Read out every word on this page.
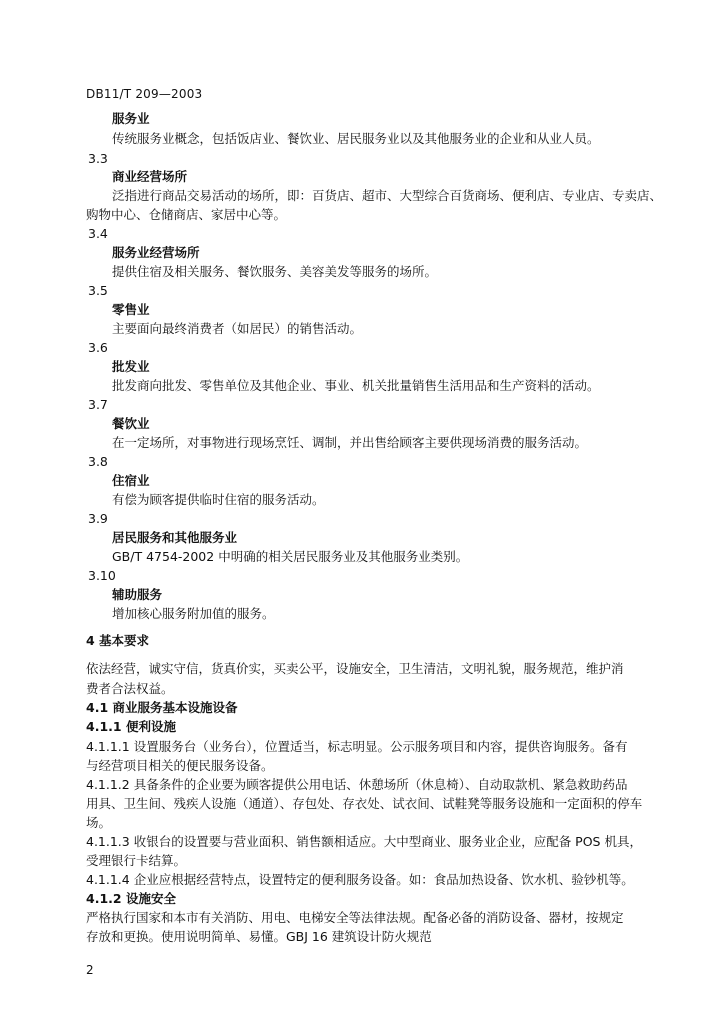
DB11/T 209—2003
服务业
传统服务业概念，包括饭店业、餐饮业、居民服务业以及其他服务业的企业和从业人员。
3.3
商业经营场所
泛指进行商品交易活动的场所，即：百货店、超市、大型综合百货商场、便利店、专业店、专卖店、
购物中心、仓储商店、家居中心等。
3.4
服务业经营场所
提供住宿及相关服务、餐饮服务、美容美发等服务的场所。
3.5
零售业
主要面向最终消费者（如居民）的销售活动。
3.6
批发业
批发商向批发、零售单位及其他企业、事业、机关批量销售生活用品和生产资料的活动。
3.7
餐饮业
在一定场所，对事物进行现场烹饪、调制，并出售给顾客主要供现场消费的服务活动。
3.8
住宿业
有偿为顾客提供临时住宿的服务活动。
3.9
居民服务和其他服务业
GB/T 4754-2002 中明确的相关居民服务业及其他服务业类别。
3.10
辅助服务
增加核心服务附加值的服务。
4 基本要求
依法经营，诚实守信，货真价实，买卖公平，设施安全，卫生清洁，文明礼貌，服务规范，维护消
费者合法权益。
4.1 商业服务基本设施设备
4.1.1 便利设施
4.1.1.1 设置服务台（业务台），位置适当，标志明显。公示服务项目和内容，提供咨询服务。备有
与经营项目相关的便民服务设备。
4.1.1.2 具备条件的企业要为顾客提供公用电话、休憩场所（休息椅）、自动取款机、紧急救助药品
用具、卫生间、残疾人设施（通道）、存包处、存衣处、试衣间、试鞋凳等服务设施和一定面积的停车
场。
4.1.1.3 收银台的设置要与营业面积、销售额相适应。大中型商业、服务业企业，应配备 POS 机具，
受理银行卡结算。
4.1.1.4 企业应根据经营特点，设置特定的便利服务设备。如：食品加热设备、饮水机、验钞机等。
4.1.2 设施安全
严格执行国家和本市有关消防、用电、电梯安全等法律法规。配备必备的消防设备、器材，按规定
存放和更换。使用说明简单、易懂。GBJ 16 建筑设计防火规范
2
